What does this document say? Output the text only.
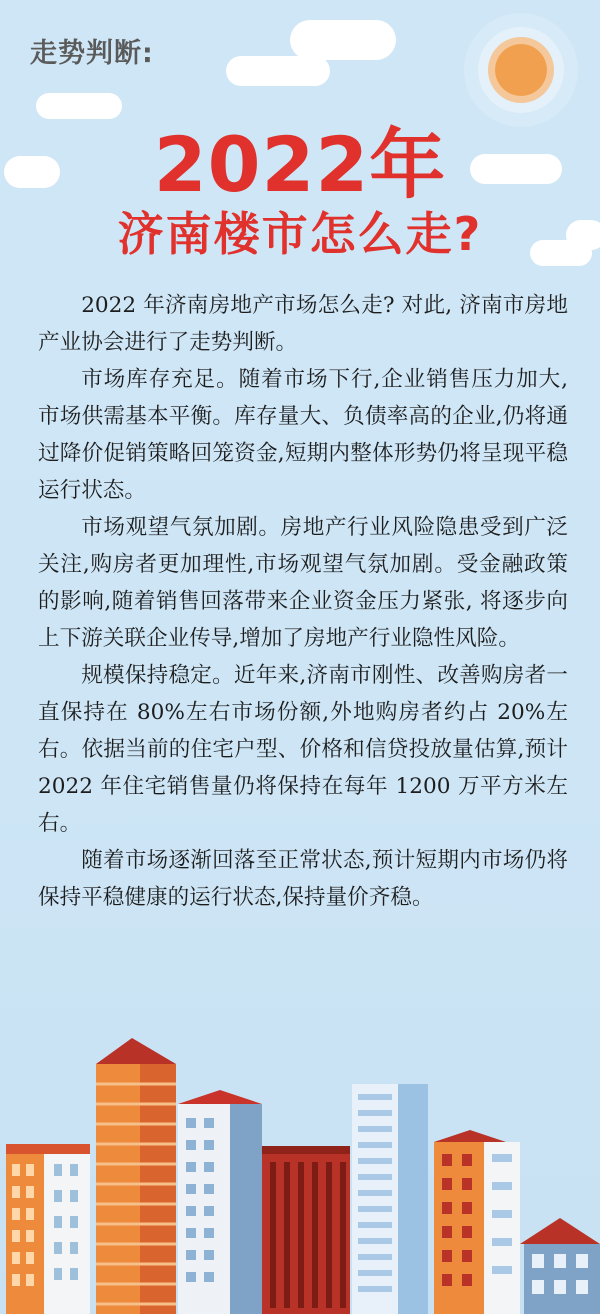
走势判断:
2022年
济南楼市怎么走?

2022 年济南房地产市场怎么走? 对此, 济南市房地产业协会进行了走势判断。

市场库存充足。随着市场下行,企业销售压力加大,市场供需基本平衡。库存量大、负债率高的企业,仍将通过降价促销策略回笼资金,短期内整体形势仍将呈现平稳运行状态。

市场观望气氛加剧。房地产行业风险隐患受到广泛关注,购房者更加理性,市场观望气氛加剧。受金融政策的影响,随着销售回落带来企业资金压力紧张, 将逐步向上下游关联企业传导,增加了房地产行业隐性风险。

规模保持稳定。近年来,济南市刚性、改善购房者一直保持在 80%左右市场份额,外地购房者约占 20%左右。依据当前的住宅户型、价格和信贷投放量估算,预计 2022 年住宅销售量仍将保持在每年 1200 万平方米左右。

随着市场逐渐回落至正常状态,预计短期内市场仍将保持平稳健康的运行状态,保持量价齐稳。
